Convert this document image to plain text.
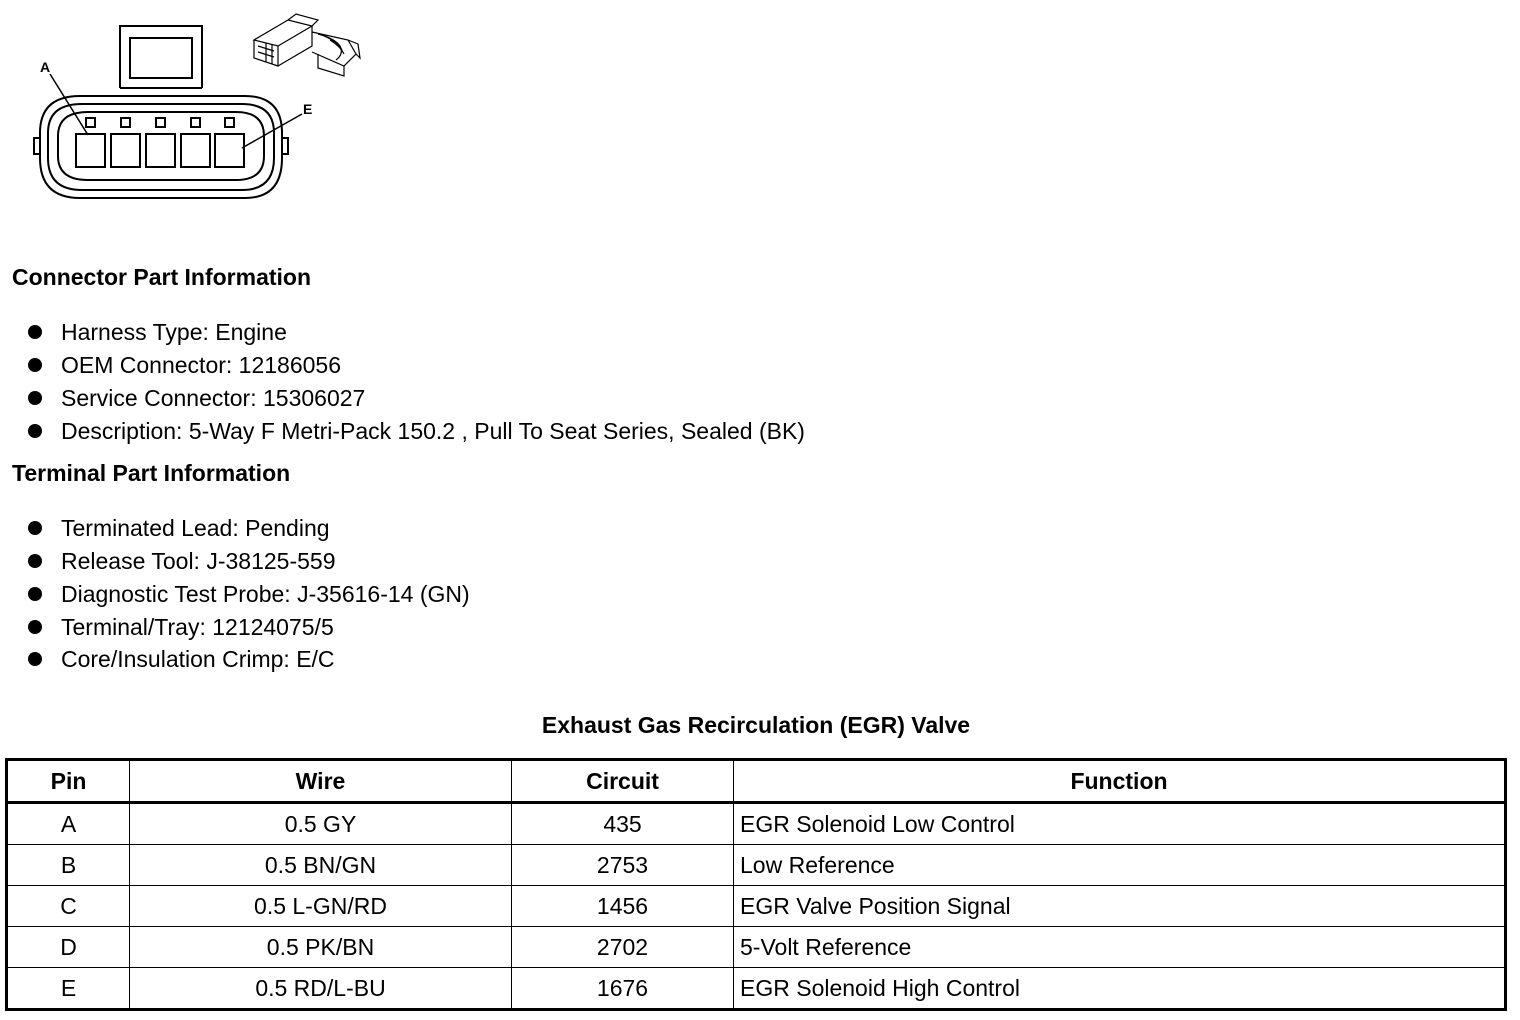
A
E
Connector Part Information
Harness Type: Engine
OEM Connector: 12186056
Service Connector: 15306027
Description: 5-Way F Metri-Pack 150.2 , Pull To Seat Series, Sealed (BK)
Terminal Part Information
Terminated Lead: Pending
Release Tool: J-38125-559
Diagnostic Test Probe: J-35616-14 (GN)
Terminal/Tray: 12124075/5
Core/Insulation Crimp: E/C
Exhaust Gas Recirculation (EGR) Valve
Pin	Wire	Circuit	Function
A	0.5 GY	435	EGR Solenoid Low Control
B	0.5 BN/GN	2753	Low Reference
C	0.5 L-GN/RD	1456	EGR Valve Position Signal
D	0.5 PK/BN	2702	5-Volt Reference
E	0.5 RD/L-BU	1676	EGR Solenoid High Control
